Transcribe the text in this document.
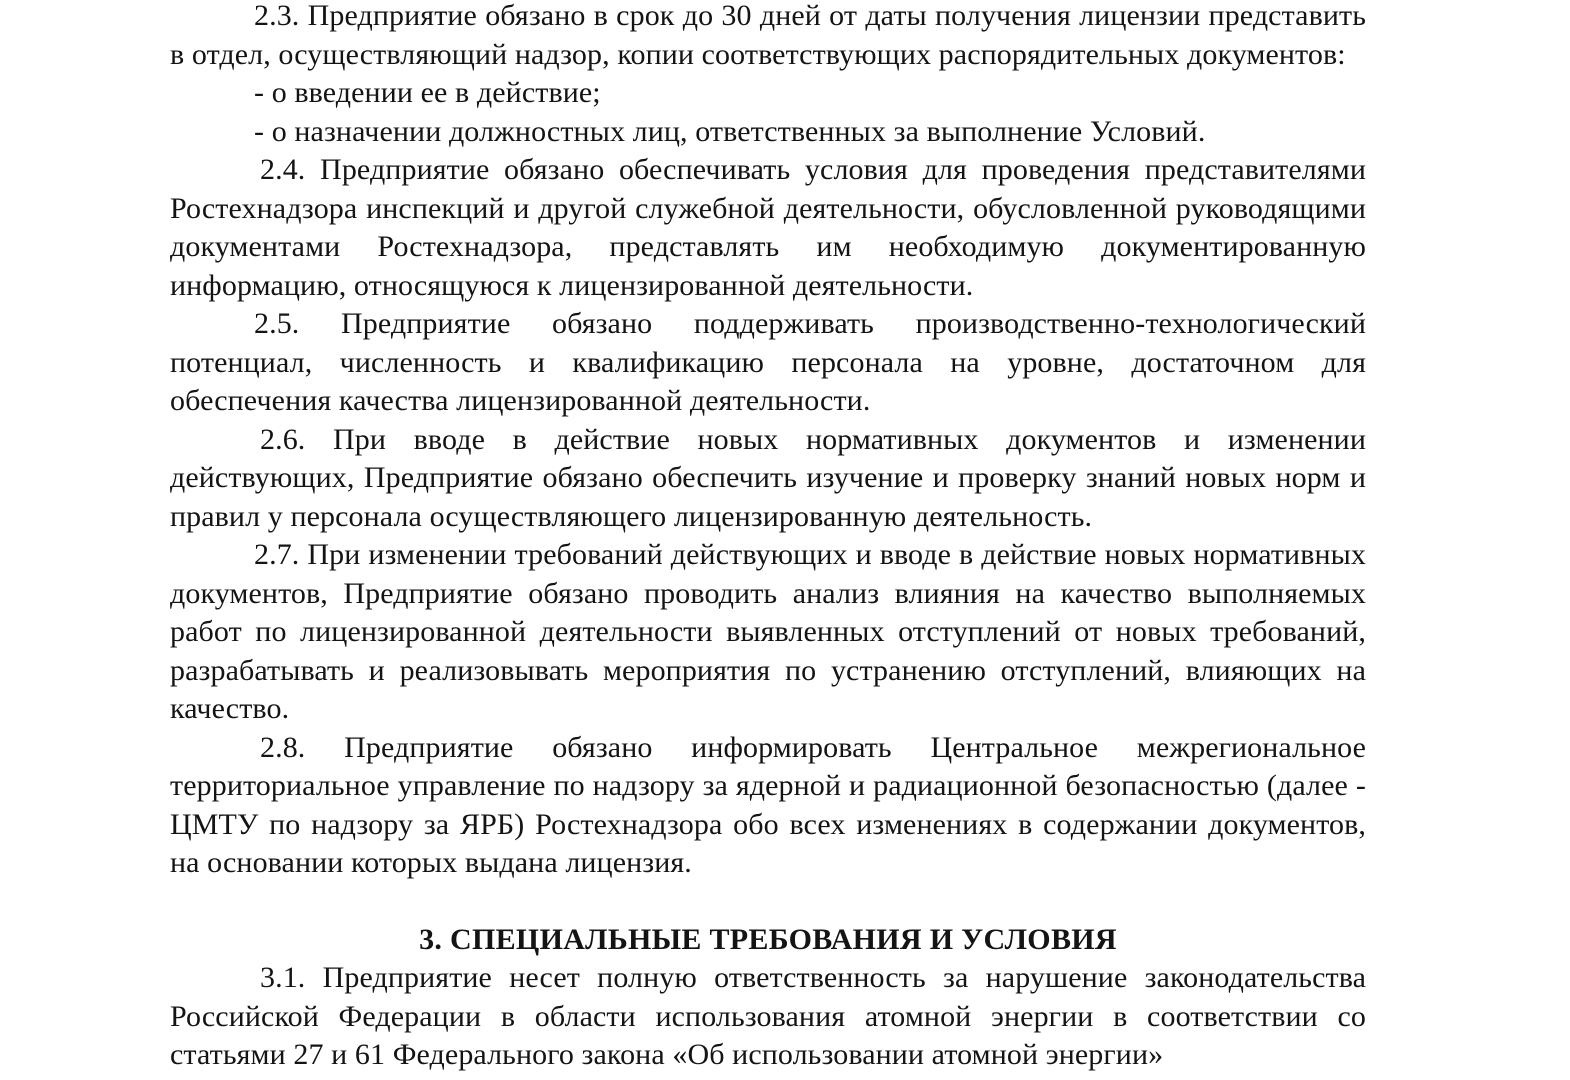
2.3. Предприятие обязано в срок до 30 дней от даты получения лицензии представить в отдел, осуществляющий надзор, копии соответствующих распорядительных документов:

- о введении ее в действие;

- о назначении должностных лиц, ответственных за выполнение Условий.

2.4. Предприятие обязано обеспечивать условия для проведения представителями Ростехнадзора инспекций и другой служебной деятельности, обусловленной руководящими документами Ростехнадзора, представлять им необходимую документированную информацию, относящуюся к лицензированной деятельности.

2.5. Предприятие обязано поддерживать производственно-технологический потенциал, численность и квалификацию персонала на уровне, достаточном для обеспечения качества лицензированной деятельности.

2.6. При вводе в действие новых нормативных документов и изменении действующих, Предприятие обязано обеспечить изучение и проверку знаний новых норм и правил у персонала осуществляющего лицензированную деятельность.

2.7. При изменении требований действующих и вводе в действие новых нормативных документов, Предприятие обязано проводить анализ влияния на качество выполняемых работ по лицензированной деятельности выявленных отступлений от новых требований, разрабатывать и реализовывать мероприятия по устранению отступлений, влияющих на качество.

2.8. Предприятие обязано информировать Центральное межрегиональное территориальное управление по надзору за ядерной и радиационной безопасностью (далее - ЦМТУ по надзору за ЯРБ) Ростехнадзора обо всех изменениях в содержании документов, на основании которых выдана лицензия.

3. СПЕЦИАЛЬНЫЕ ТРЕБОВАНИЯ И УСЛОВИЯ

3.1. Предприятие несет полную ответственность за нарушение законодательства Российской Федерации в области использования атомной энергии в соответствии со статьями 27 и 61 Федерального закона «Об использовании атомной энергии»
